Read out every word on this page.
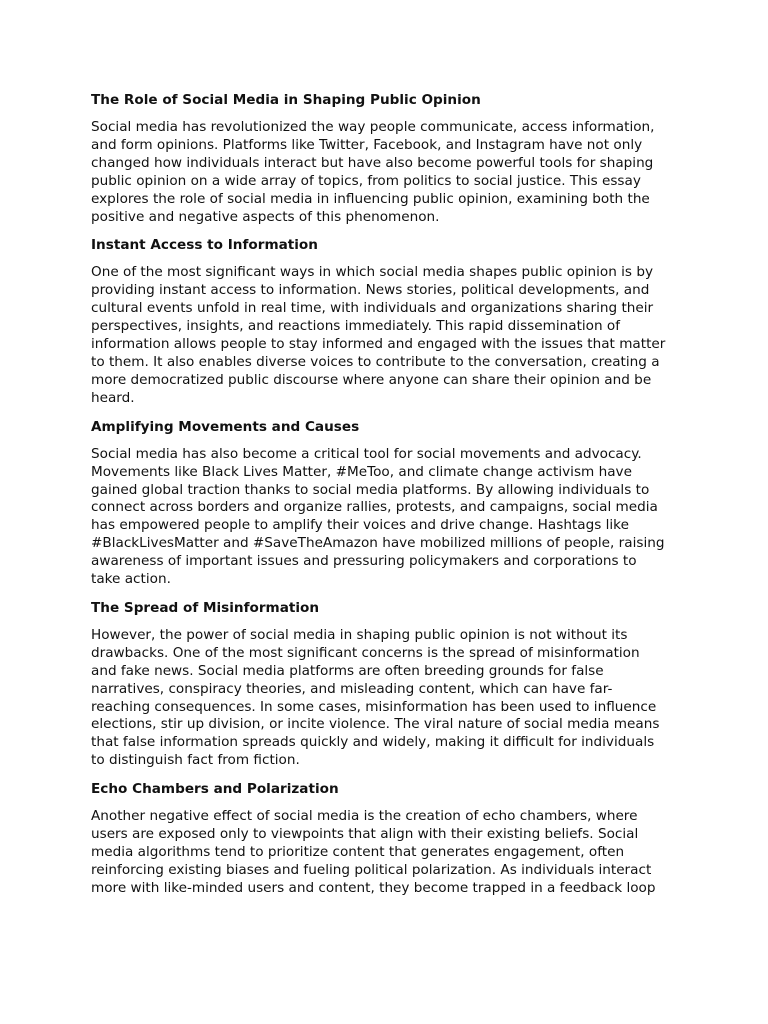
The Role of Social Media in Shaping Public Opinion
Social media has revolutionized the way people communicate, access information,
and form opinions. Platforms like Twitter, Facebook, and Instagram have not only
changed how individuals interact but have also become powerful tools for shaping
public opinion on a wide array of topics, from politics to social justice. This essay
explores the role of social media in influencing public opinion, examining both the
positive and negative aspects of this phenomenon.
Instant Access to Information
One of the most significant ways in which social media shapes public opinion is by
providing instant access to information. News stories, political developments, and
cultural events unfold in real time, with individuals and organizations sharing their
perspectives, insights, and reactions immediately. This rapid dissemination of
information allows people to stay informed and engaged with the issues that matter
to them. It also enables diverse voices to contribute to the conversation, creating a
more democratized public discourse where anyone can share their opinion and be
heard.
Amplifying Movements and Causes
Social media has also become a critical tool for social movements and advocacy.
Movements like Black Lives Matter, #MeToo, and climate change activism have
gained global traction thanks to social media platforms. By allowing individuals to
connect across borders and organize rallies, protests, and campaigns, social media
has empowered people to amplify their voices and drive change. Hashtags like
#BlackLivesMatter and #SaveTheAmazon have mobilized millions of people, raising
awareness of important issues and pressuring policymakers and corporations to
take action.
The Spread of Misinformation
However, the power of social media in shaping public opinion is not without its
drawbacks. One of the most significant concerns is the spread of misinformation
and fake news. Social media platforms are often breeding grounds for false
narratives, conspiracy theories, and misleading content, which can have far-
reaching consequences. In some cases, misinformation has been used to influence
elections, stir up division, or incite violence. The viral nature of social media means
that false information spreads quickly and widely, making it difficult for individuals
to distinguish fact from fiction.
Echo Chambers and Polarization
Another negative effect of social media is the creation of echo chambers, where
users are exposed only to viewpoints that align with their existing beliefs. Social
media algorithms tend to prioritize content that generates engagement, often
reinforcing existing biases and fueling political polarization. As individuals interact
more with like-minded users and content, they become trapped in a feedback loop
